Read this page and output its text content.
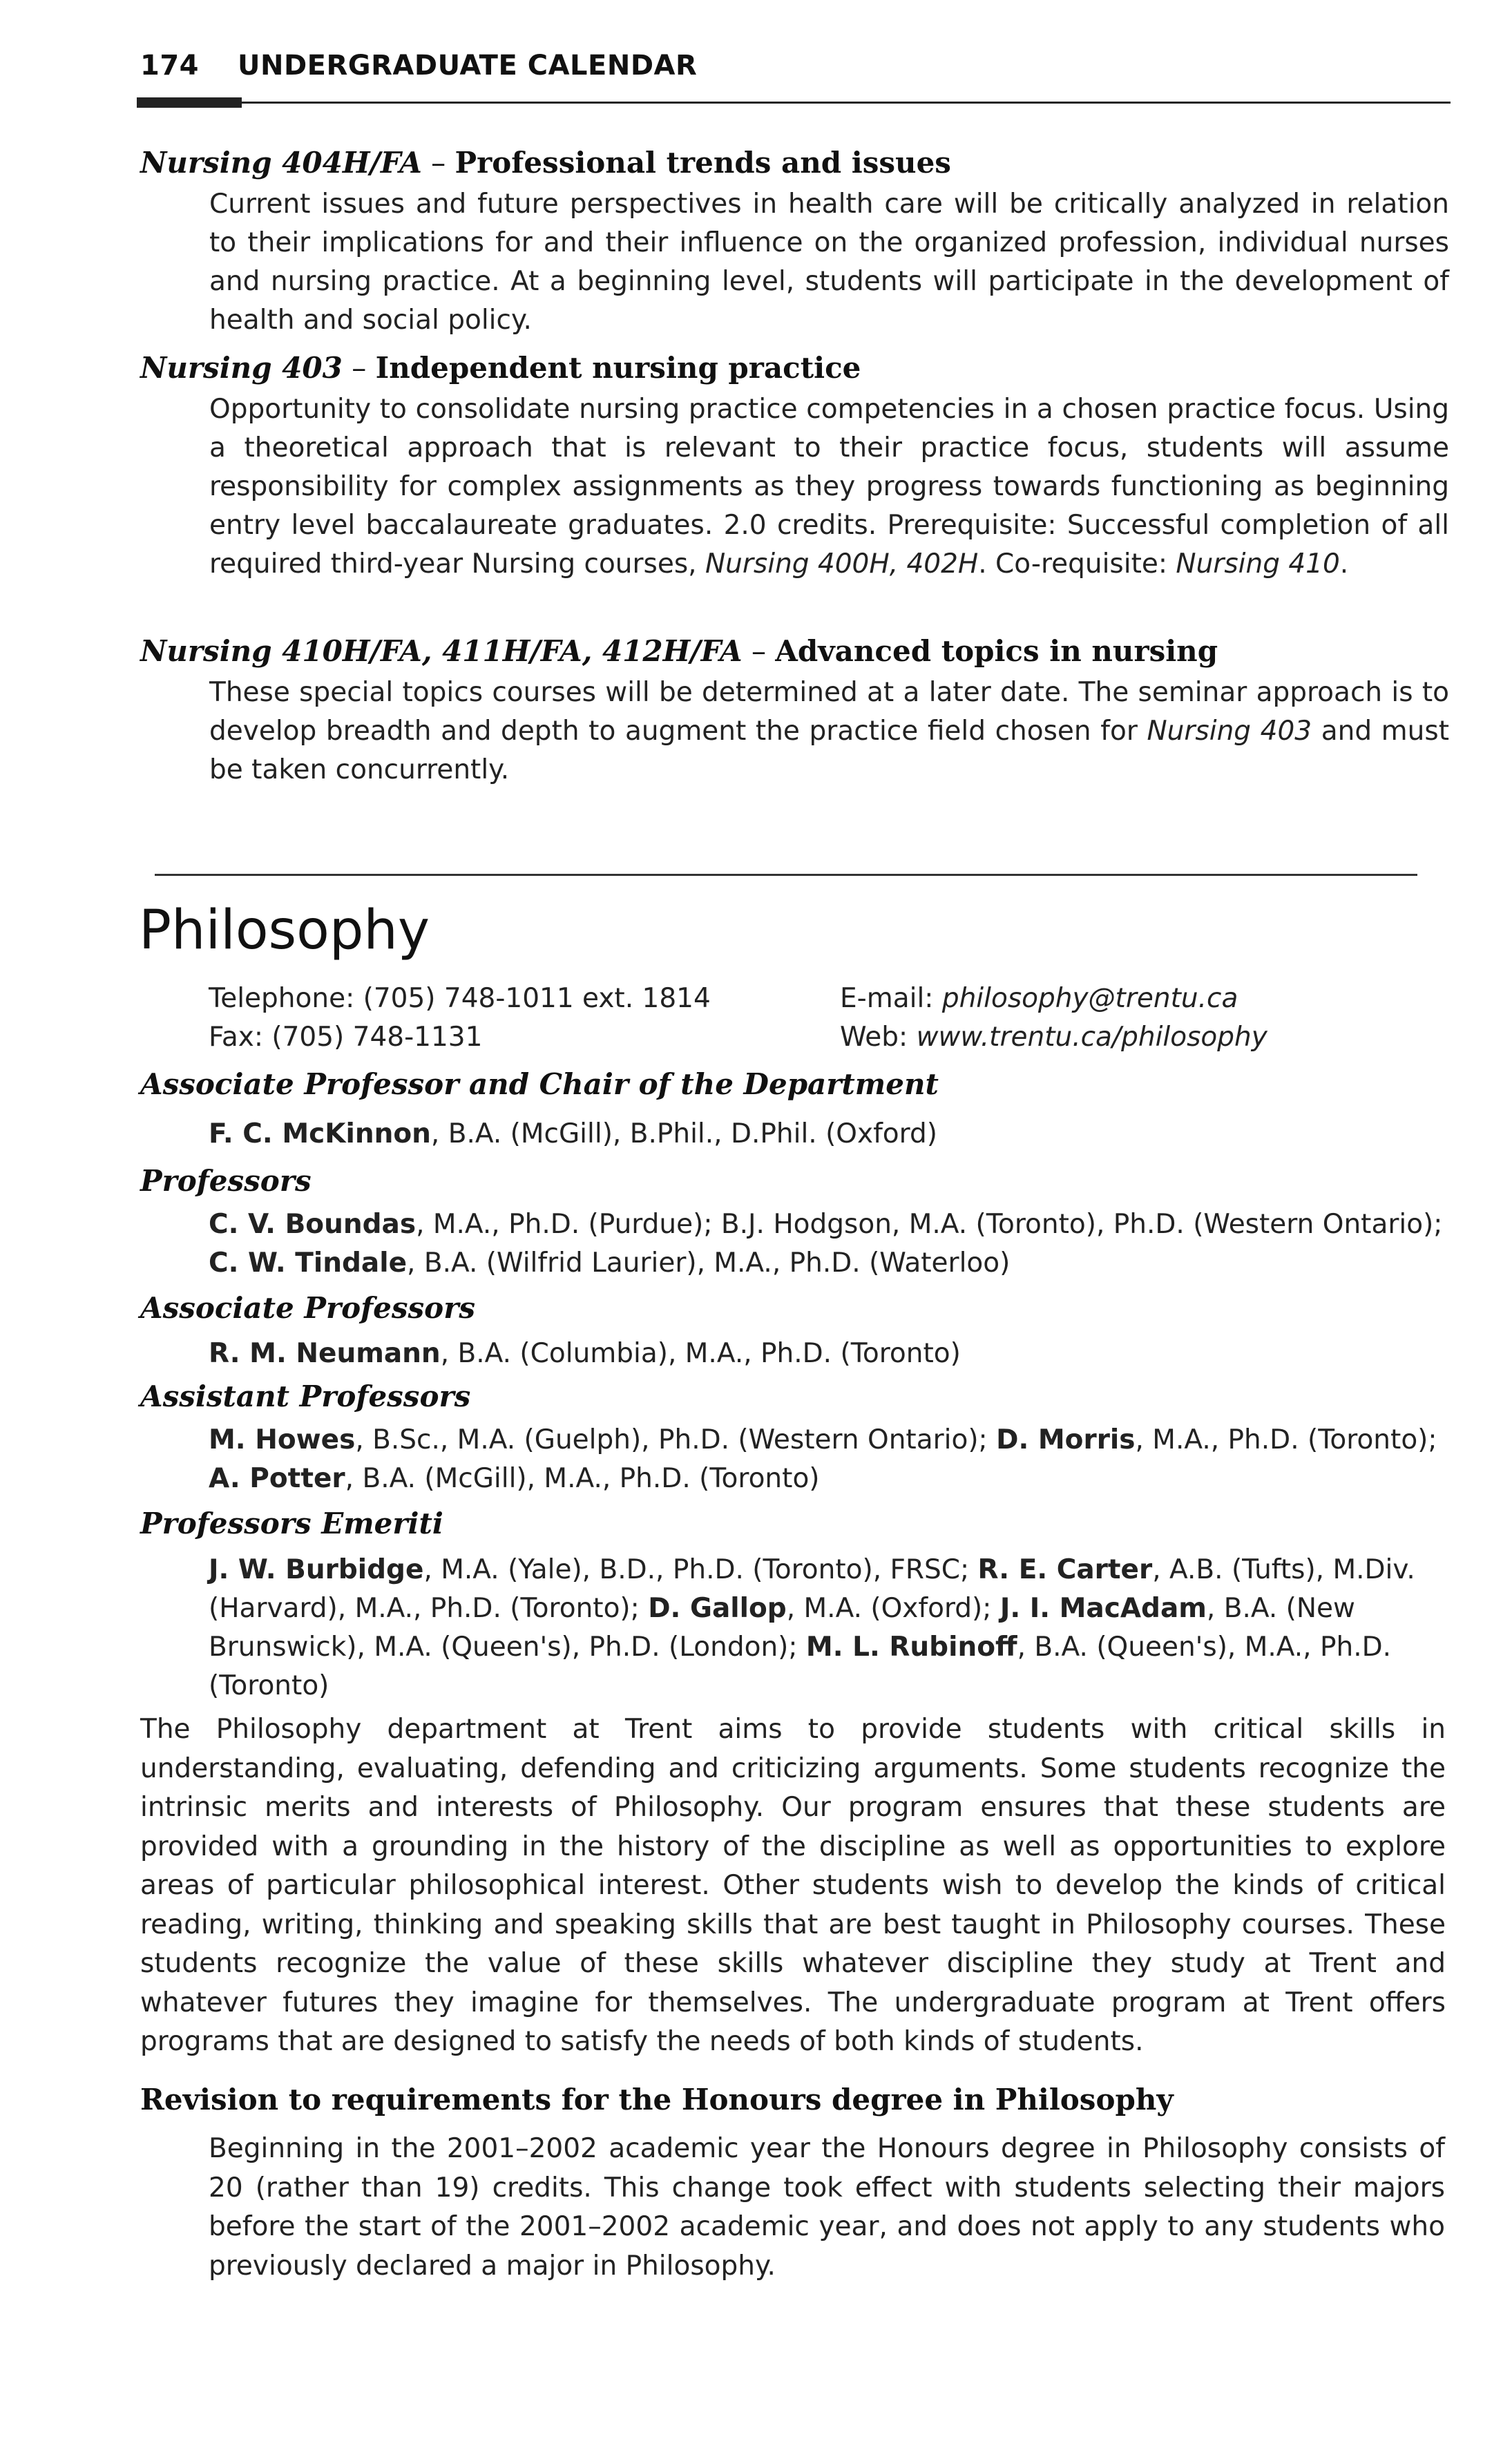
174 UNDERGRADUATE CALENDAR
Nursing 404H/FA – Professional trends and issues
Current issues and future perspectives in health care will be critically analyzed in relation to their implications for and their influence on the organized profession, individual nurses and nursing practice. At a beginning level, students will participate in the development of health and social policy.
Nursing 403 – Independent nursing practice
Opportunity to consolidate nursing practice competencies in a chosen practice focus. Using a theoretical approach that is relevant to their practice focus, students will assume responsibility for complex assignments as they progress towards functioning as beginning entry level baccalaureate graduates. 2.0 credits. Prerequisite: Successful completion of all required third-year Nursing courses, Nursing 400H, 402H. Co-requisite: Nursing 410.
Nursing 410H/FA, 411H/FA, 412H/FA – Advanced topics in nursing
These special topics courses will be determined at a later date. The seminar approach is to develop breadth and depth to augment the practice field chosen for Nursing 403 and must be taken concurrently.
Philosophy
Telephone: (705) 748-1011 ext. 1814	E-mail: philosophy@trentu.ca
Fax: (705) 748-1131	Web: www.trentu.ca/philosophy
Associate Professor and Chair of the Department
F. C. McKinnon, B.A. (McGill), B.Phil., D.Phil. (Oxford)
Professors
C. V. Boundas, M.A., Ph.D. (Purdue); B.J. Hodgson, M.A. (Toronto), Ph.D. (Western Ontario); C. W. Tindale, B.A. (Wilfrid Laurier), M.A., Ph.D. (Waterloo)
Associate Professors
R. M. Neumann, B.A. (Columbia), M.A., Ph.D. (Toronto)
Assistant Professors
M. Howes, B.Sc., M.A. (Guelph), Ph.D. (Western Ontario); D. Morris, M.A., Ph.D. (Toronto); A. Potter, B.A. (McGill), M.A., Ph.D. (Toronto)
Professors Emeriti
J. W. Burbidge, M.A. (Yale), B.D., Ph.D. (Toronto), FRSC; R. E. Carter, A.B. (Tufts), M.Div. (Harvard), M.A., Ph.D. (Toronto); D. Gallop, M.A. (Oxford); J. I. MacAdam, B.A. (New Brunswick), M.A. (Queen's), Ph.D. (London); M. L. Rubinoff, B.A. (Queen's), M.A., Ph.D. (Toronto)
The Philosophy department at Trent aims to provide students with critical skills in understanding, evaluating, defending and criticizing arguments. Some students recognize the intrinsic merits and interests of Philosophy. Our program ensures that these students are provided with a grounding in the history of the discipline as well as opportunities to explore areas of particular philosophical interest. Other students wish to develop the kinds of critical reading, writing, thinking and speaking skills that are best taught in Philosophy courses. These students recognize the value of these skills whatever discipline they study at Trent and whatever futures they imagine for themselves. The undergraduate program at Trent offers programs that are designed to satisfy the needs of both kinds of students.
Revision to requirements for the Honours degree in Philosophy
Beginning in the 2001–2002 academic year the Honours degree in Philosophy consists of 20 (rather than 19) credits. This change took effect with students selecting their majors before the start of the 2001–2002 academic year, and does not apply to any students who previously declared a major in Philosophy.
